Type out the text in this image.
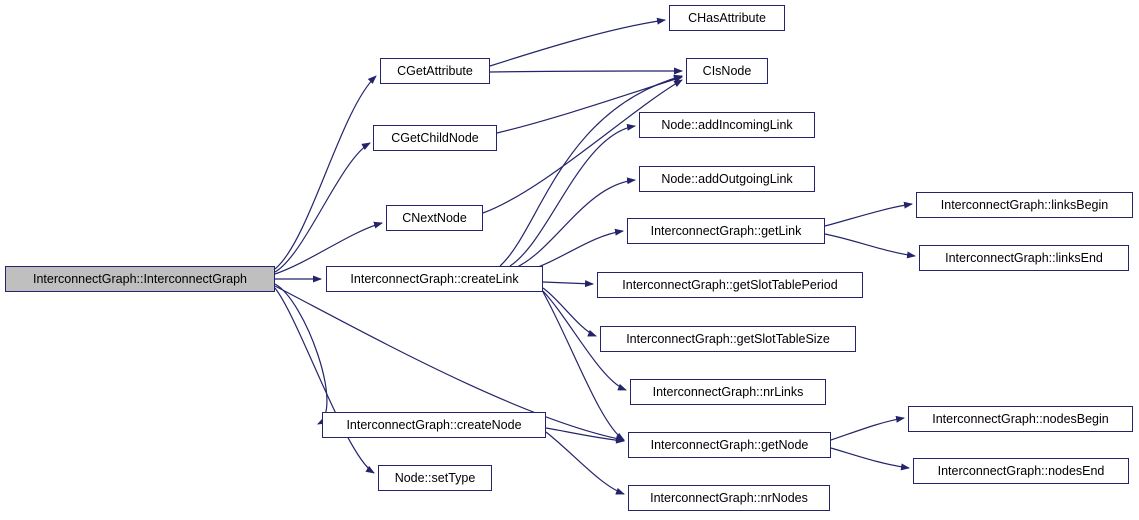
InterconnectGraph::InterconnectGraph
CGetAttribute
CHasAttribute
CIsNode
CGetChildNode
Node::addIncomingLink
Node::addOutgoingLink
CNextNode
InterconnectGraph::getLink
InterconnectGraph::linksBegin
InterconnectGraph::linksEnd
InterconnectGraph::createLink	InterconnectGraph::getSlotTablePeriod
InterconnectGraph::getSlotTableSize
InterconnectGraph::nrLinks
InterconnectGraph::createNode
InterconnectGraph::getNode
InterconnectGraph::nodesBegin
InterconnectGraph::nodesEnd
Node::setType
InterconnectGraph::nrNodes
